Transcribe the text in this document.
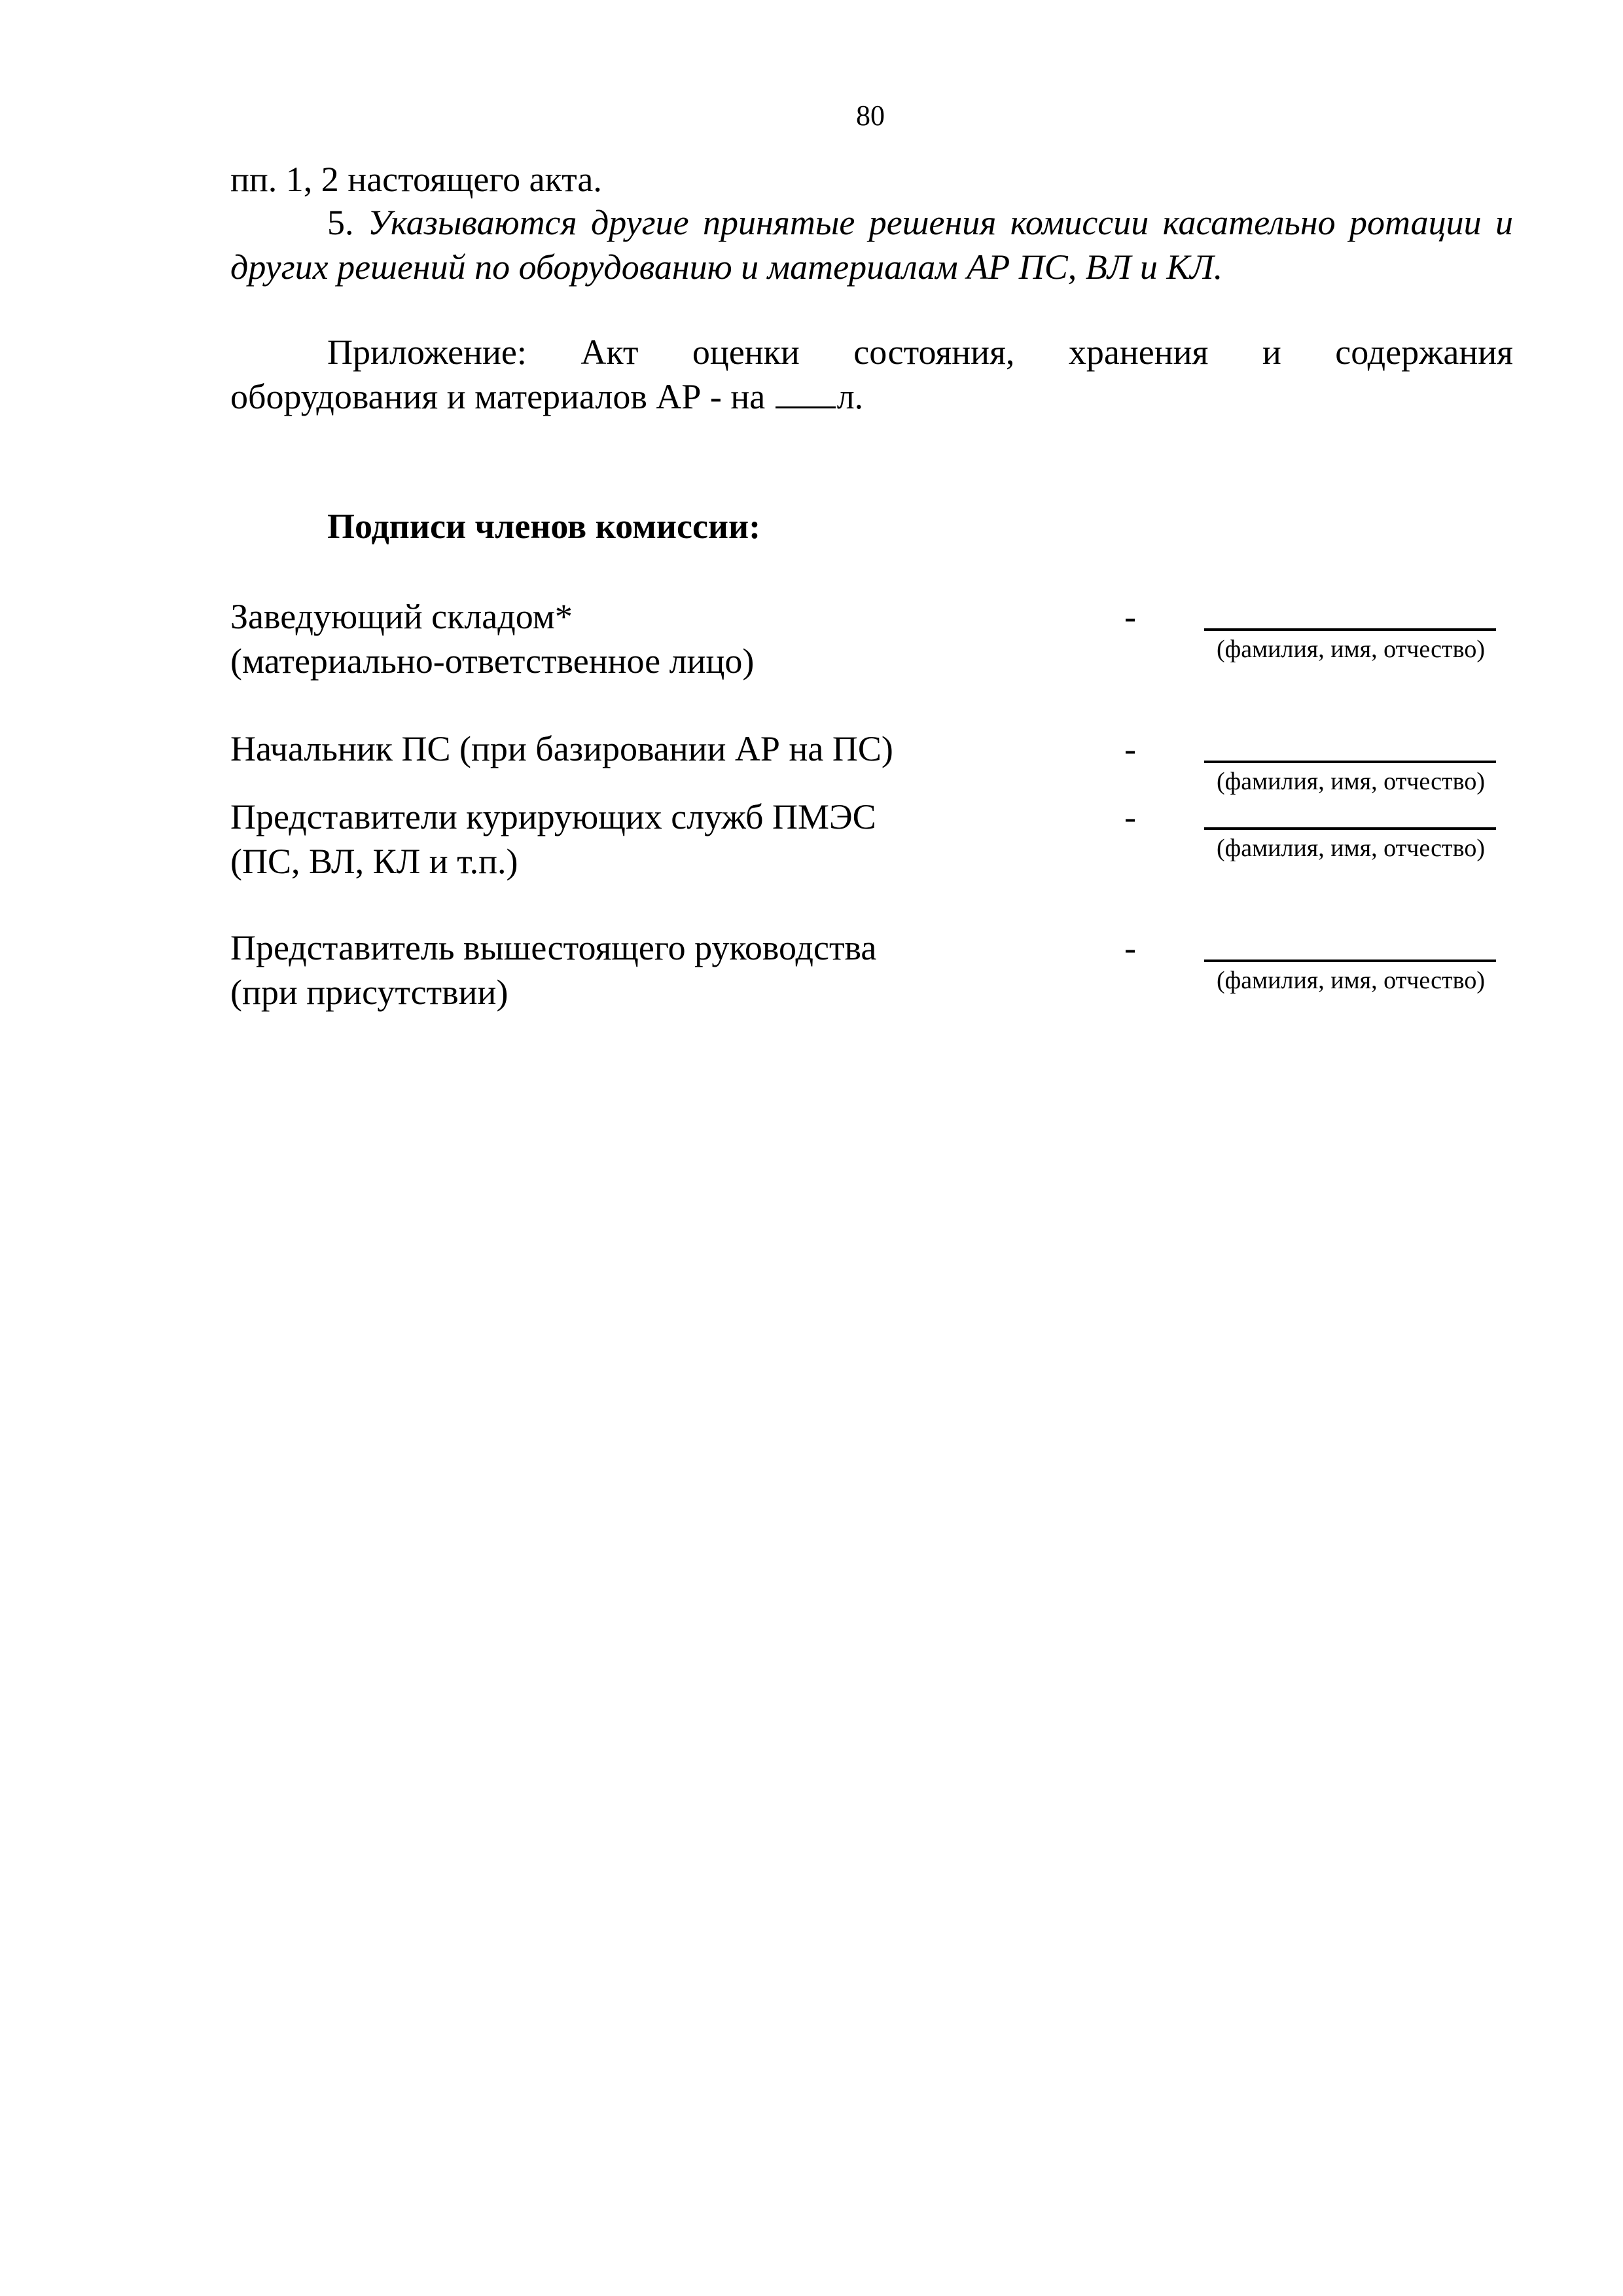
80
пп. 1, 2 настоящего акта.
5. Указываются другие принятые решения комиссии касательно ротации и других решений по оборудованию и материалам АР ПС, ВЛ и КЛ.
Приложение: Акт оценки состояния, хранения и содержания
оборудования и материалов АР - на л.
Подписи членов комиссии:
Заведующий складом*
(материально-ответственное лицо)
-
(фамилия, имя, отчество)
Начальник ПС (при базировании АР на ПС)	-
(фамилия, имя, отчество)
Представители курирующих служб ПМЭС
(ПС, ВЛ, КЛ и т.п.)
-
(фамилия, имя, отчество)
Представитель вышестоящего руководства
(при присутствии)
-
(фамилия, имя, отчество)
